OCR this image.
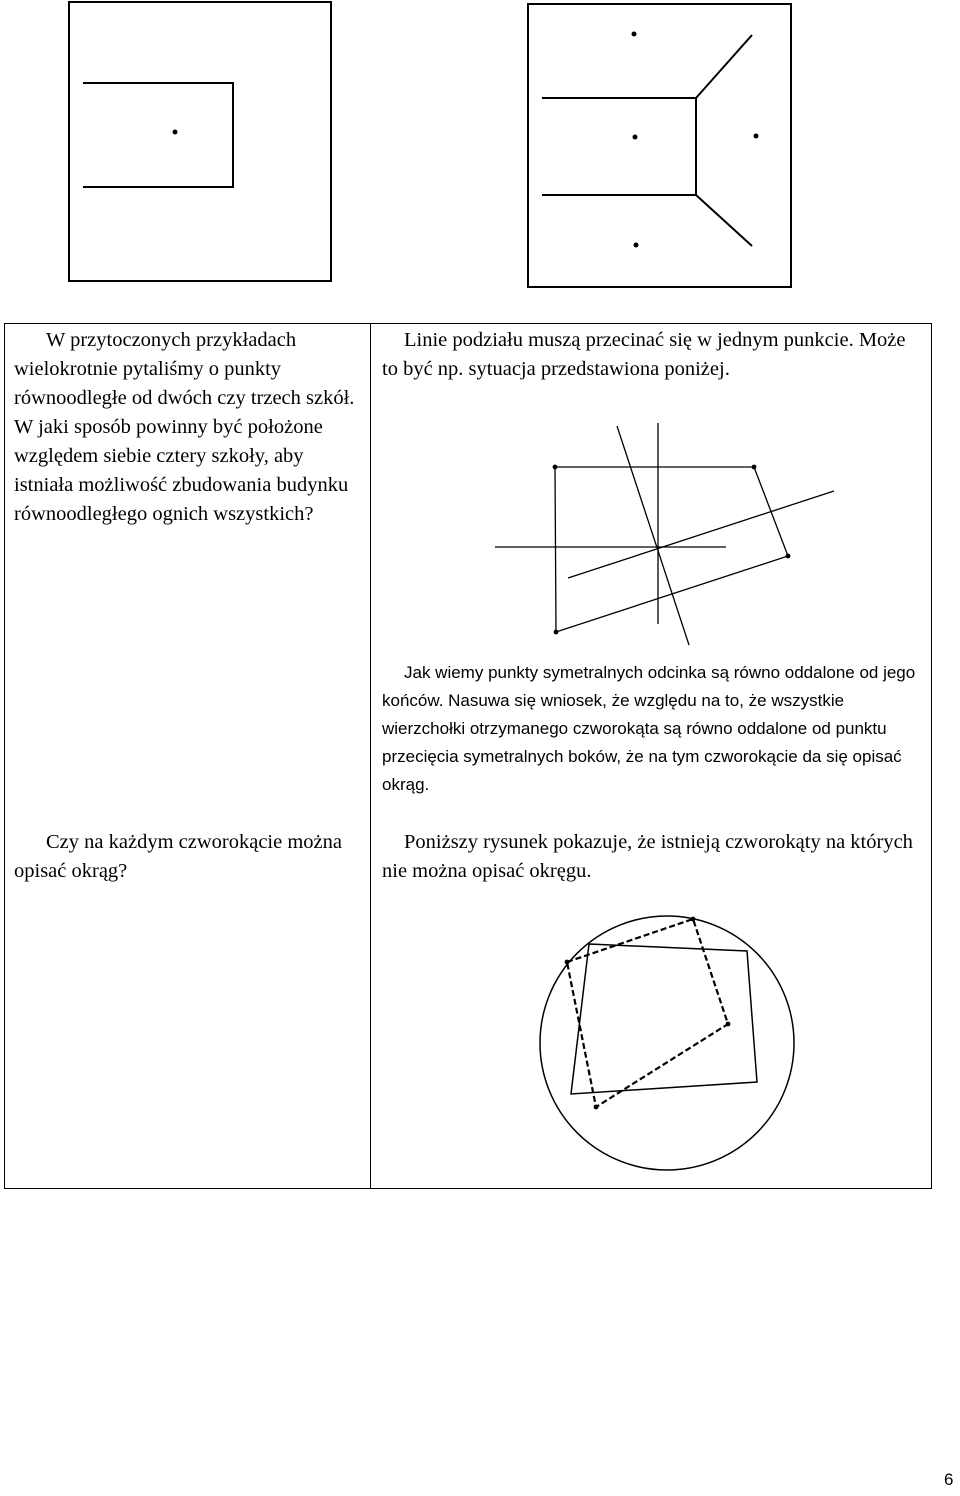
W przytoczonych przykładach wielokrotnie pytaliśmy o punkty równoodległe od dwóch czy trzech szkół. W jaki sposób powinny być położone względem siebie cztery szkoły, aby istniała możliwość zbudowania budynku równoodległego ognich wszystkich?

Linie podziału muszą przecinać się w jednym punkcie. Może to być np. sytuacja przedstawiona poniżej.

Jak wiemy punkty symetralnych odcinka są równo oddalone od jego końców. Nasuwa się wniosek, że względu na to, że wszystkie wierzchołki otrzymanego czworokąta są równo oddalone od punktu przecięcia symetralnych boków, że na tym czworokącie da się opisać okrąg.

Czy na każdym czworokącie można opisać okrąg?

Poniższy rysunek pokazuje, że istnieją czworokąty na których nie można opisać okręgu.

6
